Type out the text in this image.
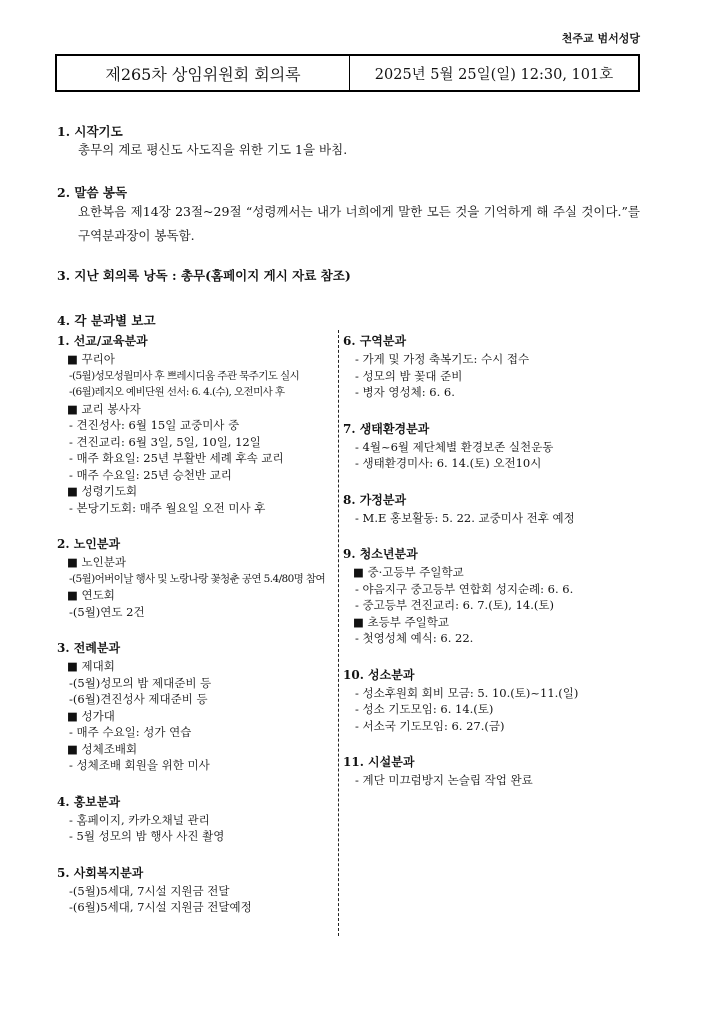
천주교 범서성당
제265차 상임위원회 회의록	2025년 5월 25일(일) 12:30, 101호
1. 시작기도
총무의 계로 평신도 사도직을 위한 기도 1을 바침.
2. 말씀 봉독
요한복음 제14장 23절~29절 “성령께서는 내가 너희에게 말한 모든 것을 기억하게 해 주실 것이다.”를 구역분과장이 봉독함.
3. 지난 회의록 낭독 : 총무(홈페이지 게시 자료 참조)
4. 각 분과별 보고
1. 선교/교육분과
■ 꾸리아
-(5월)성모성월미사 후 쁘레시디움 주관 묵주기도 실시
-(6월)레지오 예비단원 선서: 6. 4.(수), 오전미사 후
■ 교리 봉사자
- 견진성사: 6월 15일 교중미사 중
- 견진교리: 6월 3일, 5일, 10일, 12일
- 매주 화요일: 25년 부활반 세례 후속 교리
- 매주 수요일: 25년 승천반 교리
■ 성령기도회
- 본당기도회: 매주 월요일 오전 미사 후
2. 노인분과
■ 노인분과
-(5월)어버이날 행사 및 노랑나랑 꽃청춘 공연 5.4/80명 참여
■ 연도회
-(5월)연도 2건
3. 전례분과
■ 제대회
-(5월)성모의 밤 제대준비 등
-(6월)견진성사 제대준비 등
■ 성가대
- 매주 수요일: 성가 연습
■ 성체조배회
- 성체조배 회원을 위한 미사
4. 홍보분과
- 홈페이지, 카카오채널 관리
- 5월 성모의 밤 행사 사진 촬영
5. 사회복지분과
-(5월)5세대, 7시설 지원금 전달
-(6월)5세대, 7시설 지원금 전달예정
6. 구역분과
- 가게 및 가정 축복기도: 수시 접수
- 성모의 밤 꽃대 준비
- 병자 영성체: 6. 6.
7. 생태환경분과
- 4월~6월 제단체별 환경보존 실천운동
- 생태환경미사: 6. 14.(토) 오전10시
8. 가정분과
- M.E 홍보활동: 5. 22. 교중미사 전후 예정
9. 청소년분과
■ 중·고등부 주일학교
- 야음지구 중고등부 연합회 성지순례: 6. 6.
- 중고등부 견진교리: 6. 7.(토), 14.(토)
■ 초등부 주일학교
- 첫영성체 예식: 6. 22.
10. 성소분과
- 성소후원회 회비 모금: 5. 10.(토)~11.(일)
- 성소 기도모임: 6. 14.(토)
- 서소국 기도모임: 6. 27.(금)
11. 시설분과
- 계단 미끄럼방지 논슬립 작업 완료
